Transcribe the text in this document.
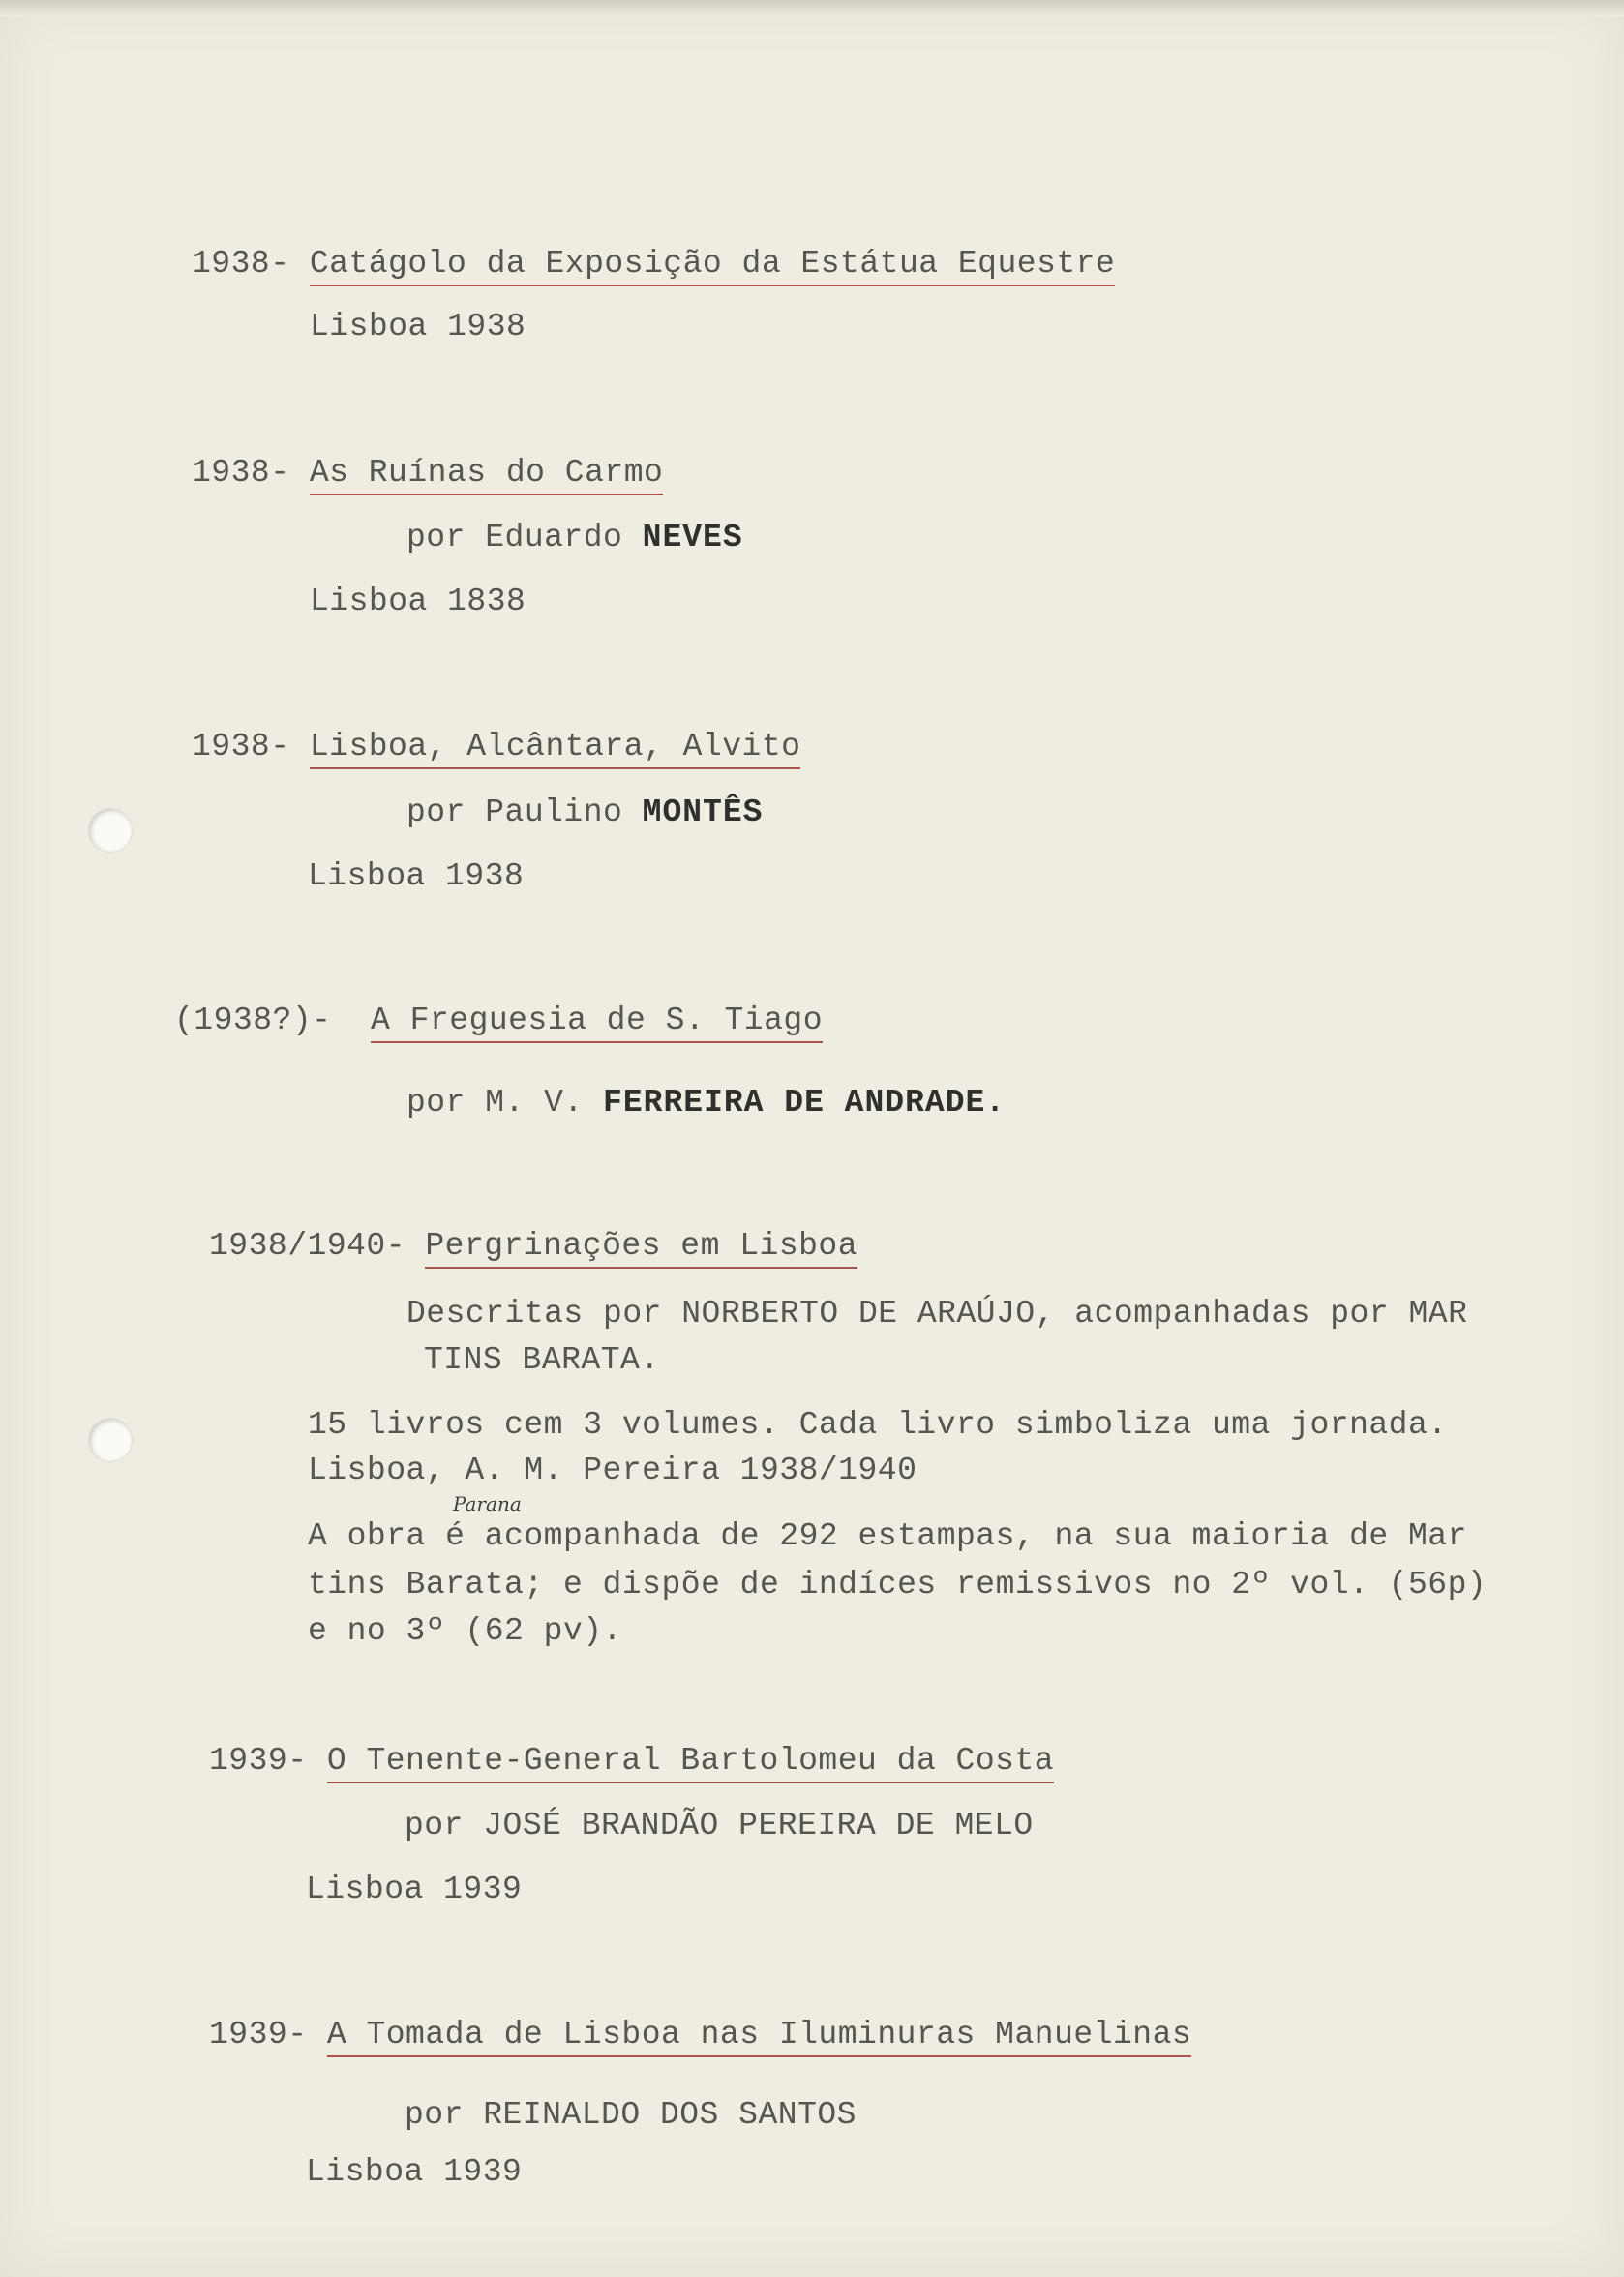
1938- Catágolo da Exposição da Estátua Equestre
Lisboa 1938
1938- As Ruínas do Carmo
por Eduardo NEVES
Lisboa 1838
1938- Lisboa, Alcântara, Alvito
por Paulino MONTÊS
Lisboa 1938
(1938?)- A Freguesia de S. Tiago
por M. V. FERREIRA DE ANDRADE.
1938/1940- Pergrinações em Lisboa
Descritas por NORBERTO DE ARAÚJO, acompanhadas por MAR
TINS BARATA.
15 livros cem 3 volumes. Cada livro simboliza uma jornada.
Lisboa, A. M. Pereira 1938/1940
Parana
A obra é acompanhada de 292 estampas, na sua maioria de Mar
tins Barata; e dispõe de indíces remissivos no 2º vol. (56p)
e no 3º (62 pv).
1939- O Tenente-General Bartolomeu da Costa
por JOSÉ BRANDÃO PEREIRA DE MELO
Lisboa 1939
1939- A Tomada de Lisboa nas Iluminuras Manuelinas
por REINALDO DOS SANTOS
Lisboa 1939
